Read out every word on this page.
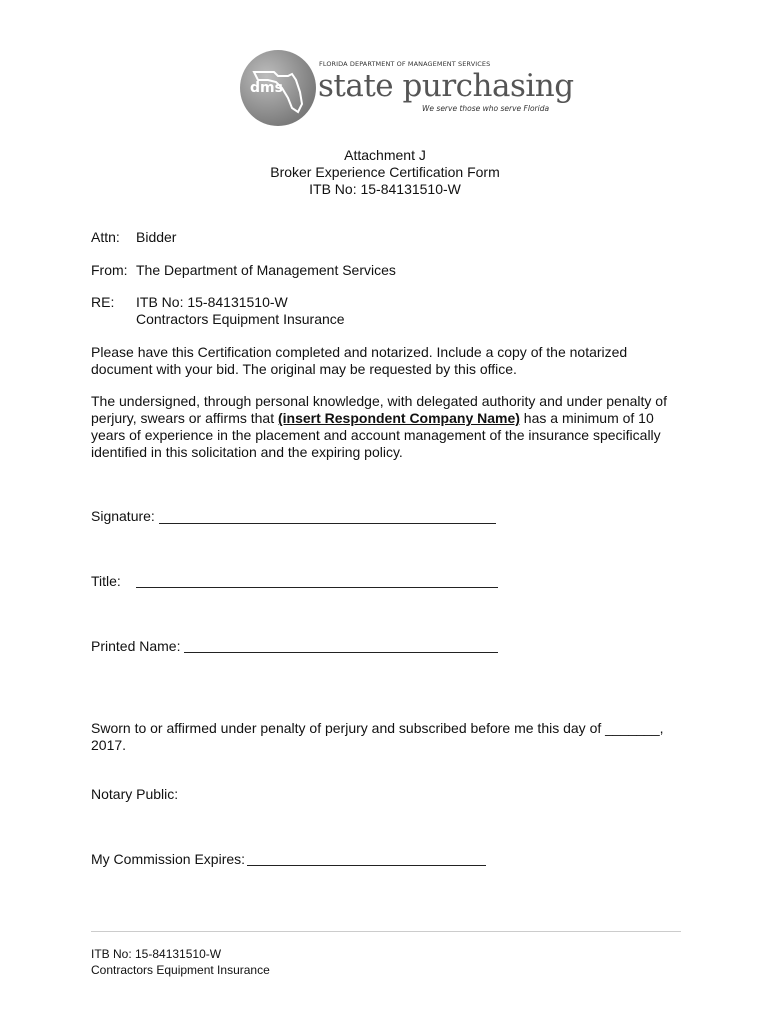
dms
FLORIDA DEPARTMENT OF MANAGEMENT SERVICES
state purchasing
We serve those who serve Florida
Attachment J
Broker Experience Certification Form
ITB No: 15-84131510-W
Attn: Bidder
From: The Department of Management Services
RE: ITB No: 15-84131510-W
Contractors Equipment Insurance
Please have this Certification completed and notarized. Include a copy of the notarized
document with your bid. The original may be requested by this office.
The undersigned, through personal knowledge, with delegated authority and under penalty of
perjury, swears or affirms that (insert Respondent Company Name) has a minimum of 10
years of experience in the placement and account management of the insurance specifically
identified in this solicitation and the expiring policy.
Signature:
Title:
Printed Name:
Sworn to or affirmed under penalty of perjury and subscribed before me this day of _______,
2017.
Notary Public:
My Commission Expires:
ITB No: 15-84131510-W
Contractors Equipment Insurance
